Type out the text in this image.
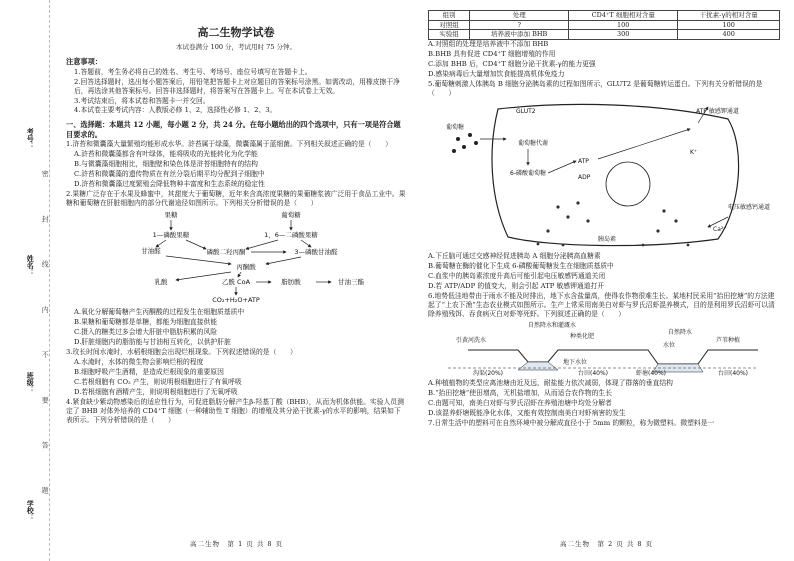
考号：
姓名：
班级：
学校： 密 封 线 内 不 要 答 题
高二生物学试卷
本试卷满分 100 分，考试用时 75 分钟。
注意事项：

1.答题前，考生务必将自己的姓名、考生号、考场号、座位号填写在答题卡上。

2.回答选择题时，选出每小题答案后，用铅笔把答题卡上对应题目的答案标号涂黑。如需改动，用橡皮擦干净后，再选涂其他答案标号。回答非选择题时，将答案写在答题卡上。写在本试卷上无效。

3.考试结束后，将本试卷和答题卡一并交回。

4.本试卷主要考试内容：人教版必修 1、2，选择性必修 1、2、3。

一、选择题：本题共 12 小题，每小题 2 分，共 24 分。在每小题给出的四个选项中，只有一项是符合题目要求的。

1.浒苔和微囊藻大量繁殖均能形成水华。浒苔属于绿藻，微囊藻属于蓝细菌。下列相关叙述正确的是（　　）

A.浒苔和微囊藻都含有叶绿体，能将吸收的光能转化为化学能

B.与微囊藻细胞相比，细胞壁和染色体是浒苔细胞特有的结构

C.浒苔和微囊藻的遗传物质在有丝分裂后期平均分配到子细胞中

D.浒苔和微囊藻过度繁殖会降低物种丰富度和生态系统的稳定性

2.果糖广泛存在于水果及蜂蜜中，其甜度大于葡萄糖，近年来含高浓度果糖的果葡糖浆被广泛用于食品工业中。果糖和葡萄糖在肝脏细胞内的部分代谢途径如图所示。下列相关分析错误的是（　　）

果糖
1—磷酸果糖
甘油醛
葡萄糖
1，6—二磷酸果糖
磷酸二羟丙酮	3—磷酸甘油醛
丙酮酸
乳酸	乙酰 CoA	脂肪酸	甘油三酯
CO₂+H₂O+ATP

A.氧化分解葡萄糖产生丙酮酸的过程发生在细胞质基质中

B.果糖和葡萄糖都是单糖，都能为细胞直接供能

C.摄入的糖类过多会增大肝脏中脂肪积累的风险

D.肝脏细胞内的脂肪能与甘油相互转化，以供护肝脏

3.玫长时间水淹时，水稻根细胞会出现烂根现象。下列叙述错误的是（　　）

A.水淹时，水体的微生物会影响烂根的程度

B.细胞呼吸产生酒精，是造成烂根现象的重要原因

C.若根细胞有 CO₂ 产生，则说明根细胞进行了有氧呼吸

D.若根细胞有酒精产生，则说明根细胞进行了无氧呼吸

4.紧食缺少紫动物感染后的适应性行为，可促进脂肪分解产生β-羟基丁酸（BHB），从而为机体供能。实验人员测定了 BHB 对体外培养的 CD4⁺T 细胞（一种辅助性 T 细胞）的增殖及其分泌干扰素-γ的水平的影响，结果如下表所示。下列分析错误的是（　　）

高二生物　第 1 页 共 8 页
组别	处理	CD4⁺T 细胞相对含量	干扰素-γ的相对含量
对照组	?	100	100
实验组	培养液中添加 BHB	300	400

A.对照组的处理是培养液中不添加 BHB

B.BHB 具有促进 CD4⁺T 细胞增殖的作用

C.添加 BHB 后，CD4⁺T 细胞分泌干扰素-γ的能力更强

D.感染病毒后大量增加饮食能提高机体免疫力

5.葡萄糖刺激人体胰岛 B 细胞分泌胰岛素的过程如图所示，GLUT2 是葡萄糖转运蛋白。下列有关分析错误的是（　　）

葡萄糖
GLUT2
葡萄糖代谢
6-磷酸葡萄糖
ATP
ADP
ATP 敏感钾通道
胰岛素
电压敏感钙通道
K⁺
Ca²⁺

A.下丘脑可通过交感神经促进胰岛 A 细胞分泌胰高血糖素

B.葡萄糖在酶的催化下生成 6-磷酸葡萄糖发生在细胞质基质中

C.血浆中的胰岛素浓度升高后可能引起电压敏感钙通道关闭

D.若 ATP/ADP 的值变大，则会引起 ATP 敏感钾通道打开

6.地势低洼地带由于雨水不能及时排出，地下水含盐量高，使得农作物很难生长。某地村民采用“抬田挖塘”的方法建起了“上农下渔”生态农业模式如图所示。生产上常采用南美白对虾与罗氏沼虾混养模式，目的是利用罗氏沼虾可以清除养殖残饵、吞食病灭白对虾等死虾。下列叙述正确的是（　　）

自然降水和灌溉水
引黄河洗水
种类化肥
地下水位
自然降水
芦苇种植
水位
沟渠(20%)	台田(40%)	虾塘(40%)	台田(40%)

A.种植植物的类型应离池塘由近及远，耐盐能力依次减弱，体现了群落的垂直结构

B.“抬田挖塘”使田增高，无机盐增加，从而适合农作物的生长

C.由题可知，南美白对虾与罗氏沼虾在养殖池塘中均处分解者

D.该混养虾塘既能净化水体，又能有效控制南美白对虾病害的发生

7.日常生活中的塑料可在自然环境中被分解成直径小于 5mm 的颗粒，称为微塑料。微塑料是一

高二生物　第 2 页 共 8 页
